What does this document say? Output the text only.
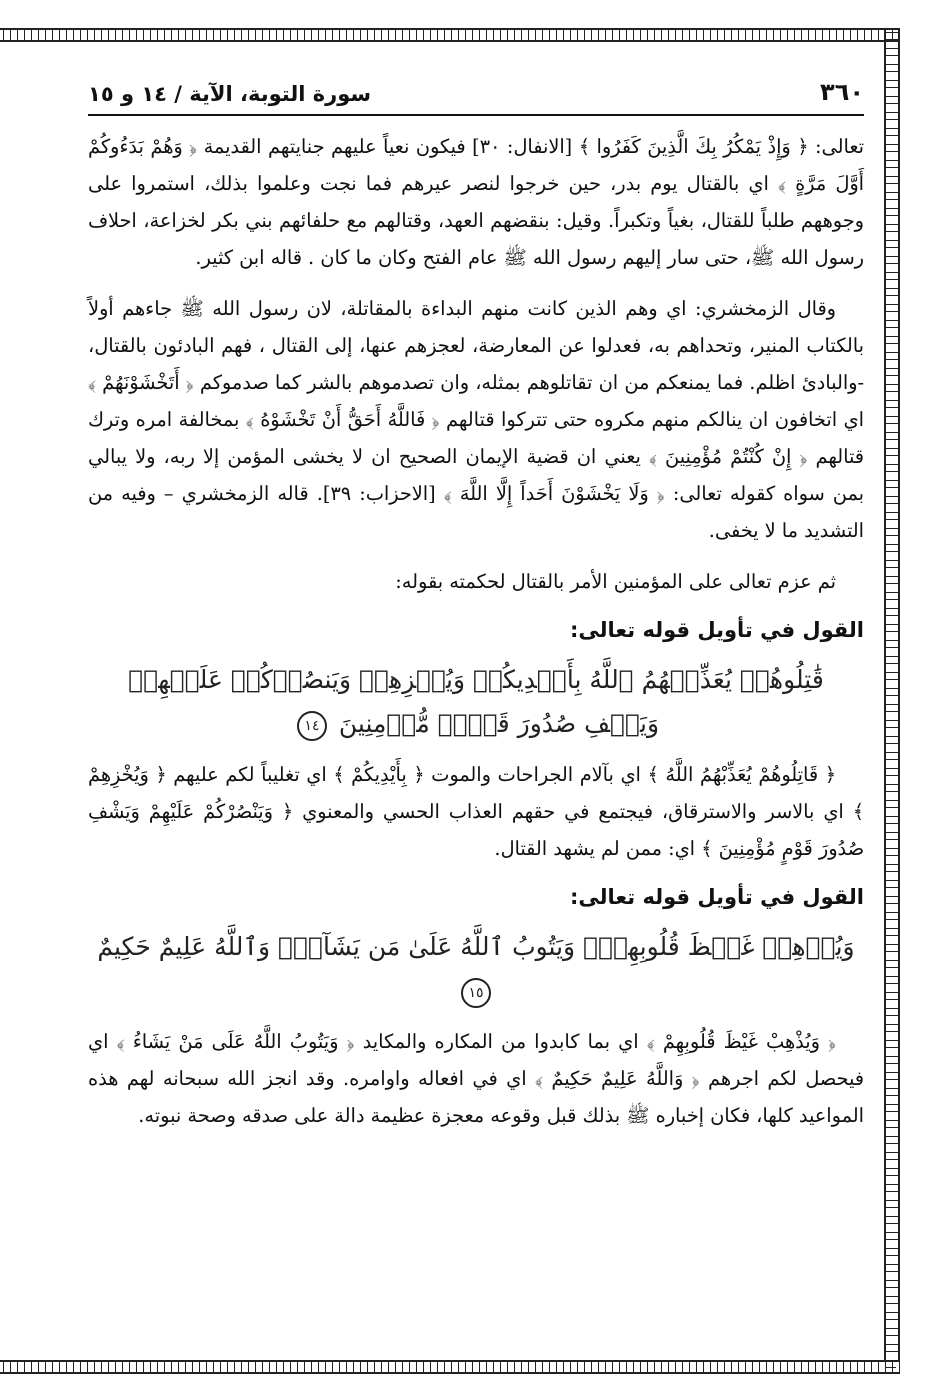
٣٦٠
سورة التوبة، الآية / ١٤ و ١٥

تعالى: ﴿ وَإِذْ يَمْكُرُ بِكَ الَّذِينَ كَفَرُوا ﴾ [الانفال: ٣٠] فيكون نعياً عليهم جنايتهم القديمة ﴿ وَهُمْ بَدَءُوكُمْ أَوَّلَ مَرَّةٍ ﴾ اي بالقتال يوم بدر، حين خرجوا لنصر عيرهم فما نجت وعلموا بذلك، استمروا على وجوههم طلباً للقتال، بغياً وتكبراً. وقيل: بنقضهم العهد، وقتالهم مع حلفائهم بني بكر لخزاعة، احلاف رسول الله ﷺ، حتى سار إليهم رسول الله ﷺ عام الفتح وكان ما كان . قاله ابن كثير.

وقال الزمخشري: اي وهم الذين كانت منهم البداءة بالمقاتلة، لان رسول الله ﷺ جاءهم أولاً بالكتاب المنير، وتحداهم به، فعدلوا عن المعارضة، لعجزهم عنها، إلى القتال ، فهم البادئون بالقتال، -والبادئ اظلم. فما يمنعكم من ان تقاتلوهم بمثله، وان تصدموهم بالشر كما صدموكم ﴿ أَتَخْشَوْنَهُمْ ﴾ اي اتخافون ان ينالكم منهم مكروه حتى تتركوا قتالهم ﴿ فَاللَّهُ أَحَقُّ أَنْ تَخْشَوْهُ ﴾ بمخالفة امره وترك قتالهم ﴿ إِنْ كُنْتُمْ مُؤْمِنِينَ ﴾ يعني ان قضية الإيمان الصحيح ان لا يخشى المؤمن إلا ربه، ولا يبالي بمن سواه كقوله تعالى: ﴿ وَلَا يَخْشَوْنَ أَحَداً إِلَّا اللَّهَ ﴾ [الاحزاب: ٣٩]. قاله الزمخشري – وفيه من التشديد ما لا يخفى.

ثم عزم تعالى على المؤمنين الأمر بالقتال لحكمته بقوله:

القول في تأويل قوله تعالى:
قَٰتِلُوهُمۡ يُعَذِّبۡهُمُ ٱللَّهُ بِأَيۡدِيكُمۡ وَيُخۡزِهِمۡ وَيَنصُرۡكُمۡ عَلَيۡهِمۡ وَيَشۡفِ صُدُورَ قَوۡمٖ مُّؤۡمِنِينَ ١٤

﴿ قَاتِلُوهُمْ يُعَذِّبْهُمُ اللَّهُ ﴾ اي بآلام الجراحات والموت ﴿ بِأَيْدِيكُمْ ﴾ اي تغليباً لكم عليهم ﴿ وَيُخْزِهِمْ ﴾ اي بالاسر والاسترقاق، فيجتمع في حقهم العذاب الحسي والمعنوي ﴿ وَيَنْصُرْكُمْ عَلَيْهِمْ وَيَشْفِ صُدُورَ قَوْمٍ مُؤْمِنِينَ ﴾ اي: ممن لم يشهد القتال.

القول في تأويل قوله تعالى:
وَيُذۡهِبۡ غَيۡظَ قُلُوبِهِمۡۗ وَيَتُوبُ ٱللَّهُ عَلَىٰ مَن يَشَآءُۗ وَٱللَّهُ عَلِيمٌ حَكِيمٌ ١٥

﴿ وَيُذْهِبْ غَيْظَ قُلُوبِهِمْ ﴾ اي بما كابدوا من المكاره والمكايد ﴿ وَيَتُوبُ اللَّهُ عَلَى مَنْ يَشَاءُ ﴾ اي فيحصل لكم اجرهم ﴿ وَاللَّهُ عَلِيمٌ حَكِيمٌ ﴾ اي في افعاله واوامره. وقد انجز الله سبحانه لهم هذه المواعيد كلها، فكان إخباره ﷺ بذلك قبل وقوعه معجزة عظيمة دالة على صدقه وصحة نبوته.
